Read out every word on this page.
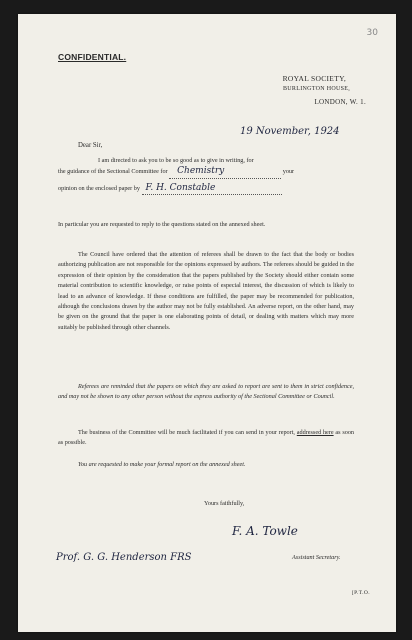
30
CONFIDENTIAL.
ROYAL SOCIETY,
BURLINGTON HOUSE,
LONDON, W. 1.
19 November, 1924
Dear Sir,
I am directed to ask you to be so good as to give in writing, for
the guidance of the Sectional Committee for Chemistry	your
opinion on the enclosed paper by F. H. Constable
In particular you are requested to reply to the questions stated on the annexed sheet.
The Council have ordered that the attention of referees shall be drawn to the fact that the body or bodies authorizing publication are not responsible for the opinions expressed by authors. The referees should be guided in the expression of their opinion by the consideration that the papers published by the Society should either contain some material contribution to scientific knowledge, or raise points of especial interest, the discussion of which is likely to lead to an advance of knowledge. If these conditions are fulfilled, the paper may be recommended for publication, although the conclusions drawn by the author may not be fully established. An adverse report, on the other hand, may be given on the ground that the paper is one elaborating points of detail, or dealing with matters which may more suitably be published through other channels.
Referees are reminded that the papers on which they are asked to report are sent to them in strict confidence, and may not be shown to any other person without the express authority of the Sectional Committee or Council.
The business of the Committee will be much facilitated if you can send in your report, addressed here as soon as possible.
You are requested to make your formal report on the annexed sheet.
Yours faithfully,
F. A. Towle
Assistant Secretary.
Prof. G. G. Henderson FRS
[P.T.O.
